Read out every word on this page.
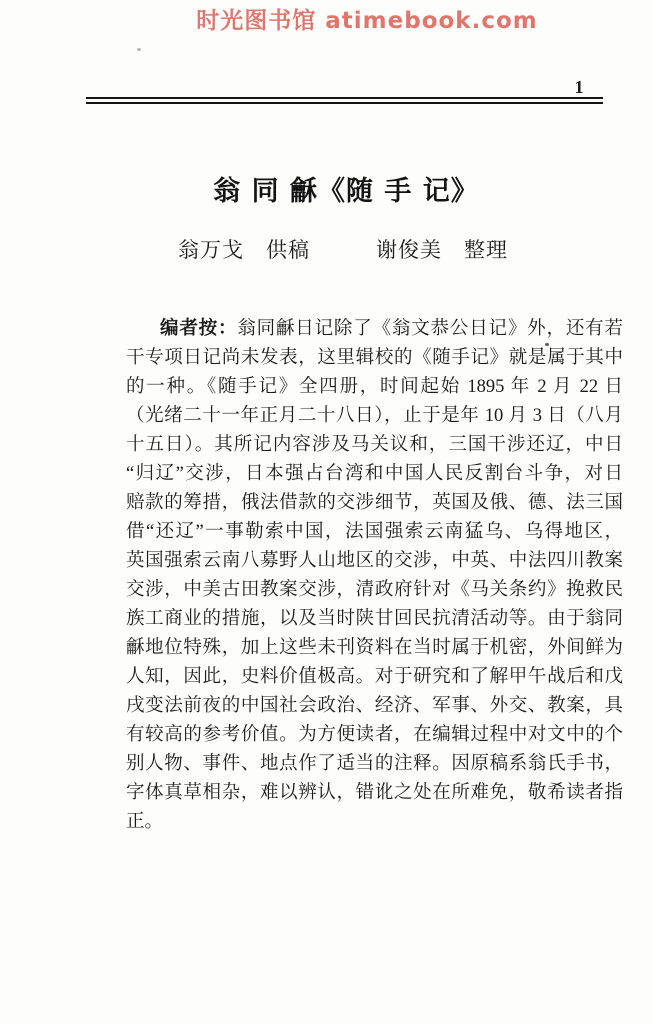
时光图书馆 atimebook.com
1
翁 同 龢《随 手 记》
翁万戈　供稿　　　谢俊美　整理
编者按：翁同龢日记除了《翁文恭公日记》外，还有若
干专项日记尚未发表，这里辑校的《随手记》就是属于其中
的一种。《随手记》全四册，时间起始 1895 年 2 月 22 日
（光绪二十一年正月二十八日），止于是年 10 月 3 日（八月
十五日）。其所记内容涉及马关议和，三国干涉还辽，中日
“归辽”交涉，日本强占台湾和中国人民反割台斗争，对日
赔款的筹措，俄法借款的交涉细节，英国及俄、德、法三国
借“还辽”一事勒索中国，法国强索云南猛乌、乌得地区，
英国强索云南八募野人山地区的交涉，中英、中法四川教案
交涉，中美古田教案交涉，清政府针对《马关条约》挽救民
族工商业的措施，以及当时陕甘回民抗清活动等。由于翁同
龢地位特殊，加上这些未刊资料在当时属于机密，外间鲜为
人知，因此，史料价值极高。对于研究和了解甲午战后和戊
戌变法前夜的中国社会政治、经济、军事、外交、教案，具
有较高的参考价值。为方便读者，在编辑过程中对文中的个
别人物、事件、地点作了适当的注释。因原稿系翁氏手书，
字体真草相杂，难以辨认，错讹之处在所难免，敬希读者指
正。
